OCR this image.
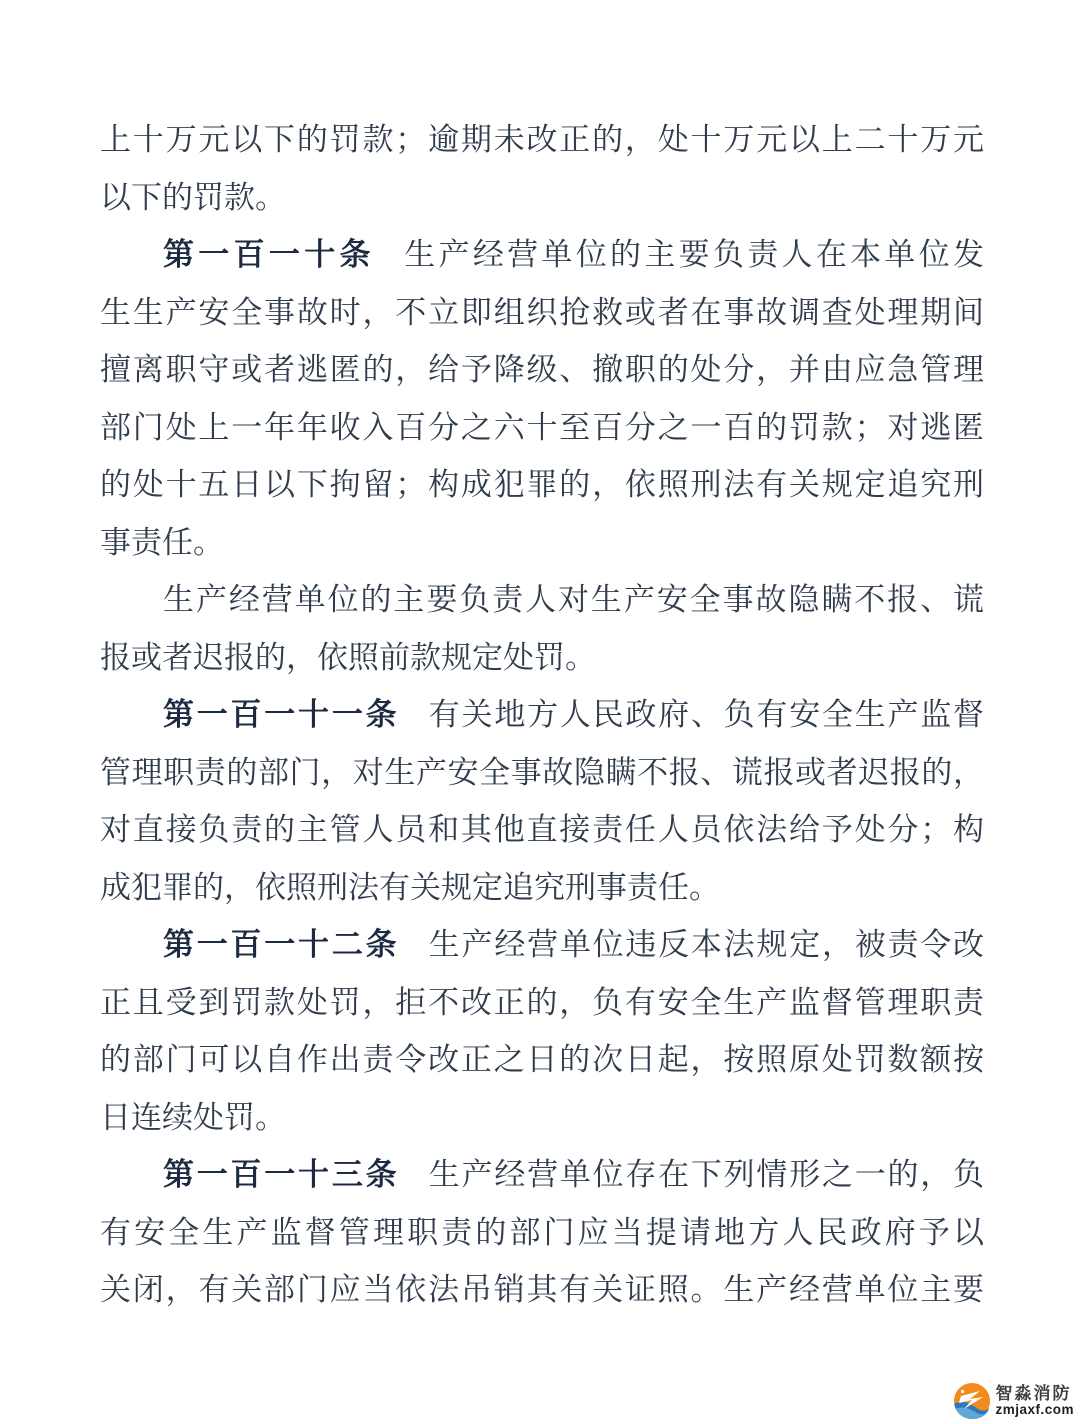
上十万元以下的罚款；逾期未改正的，处十万元以上二十万元
以下的罚款。
第一百一十条 生产经营单位的主要负责人在本单位发
生生产安全事故时，不立即组织抢救或者在事故调查处理期间
擅离职守或者逃匿的，给予降级、撤职的处分，并由应急管理
部门处上一年年收入百分之六十至百分之一百的罚款；对逃匿
的处十五日以下拘留；构成犯罪的，依照刑法有关规定追究刑
事责任。
生产经营单位的主要负责人对生产安全事故隐瞒不报、谎
报或者迟报的，依照前款规定处罚。
第一百一十一条 有关地方人民政府、负有安全生产监督
管理职责的部门，对生产安全事故隐瞒不报、谎报或者迟报的，
对直接负责的主管人员和其他直接责任人员依法给予处分；构
成犯罪的，依照刑法有关规定追究刑事责任。
第一百一十二条 生产经营单位违反本法规定，被责令改
正且受到罚款处罚，拒不改正的，负有安全生产监督管理职责
的部门可以自作出责令改正之日的次日起，按照原处罚数额按
日连续处罚。
第一百一十三条 生产经营单位存在下列情形之一的，负
有安全生产监督管理职责的部门应当提请地方人民政府予以
关闭，有关部门应当依法吊销其有关证照。生产经营单位主要
智淼消防
zmjaxf.com
